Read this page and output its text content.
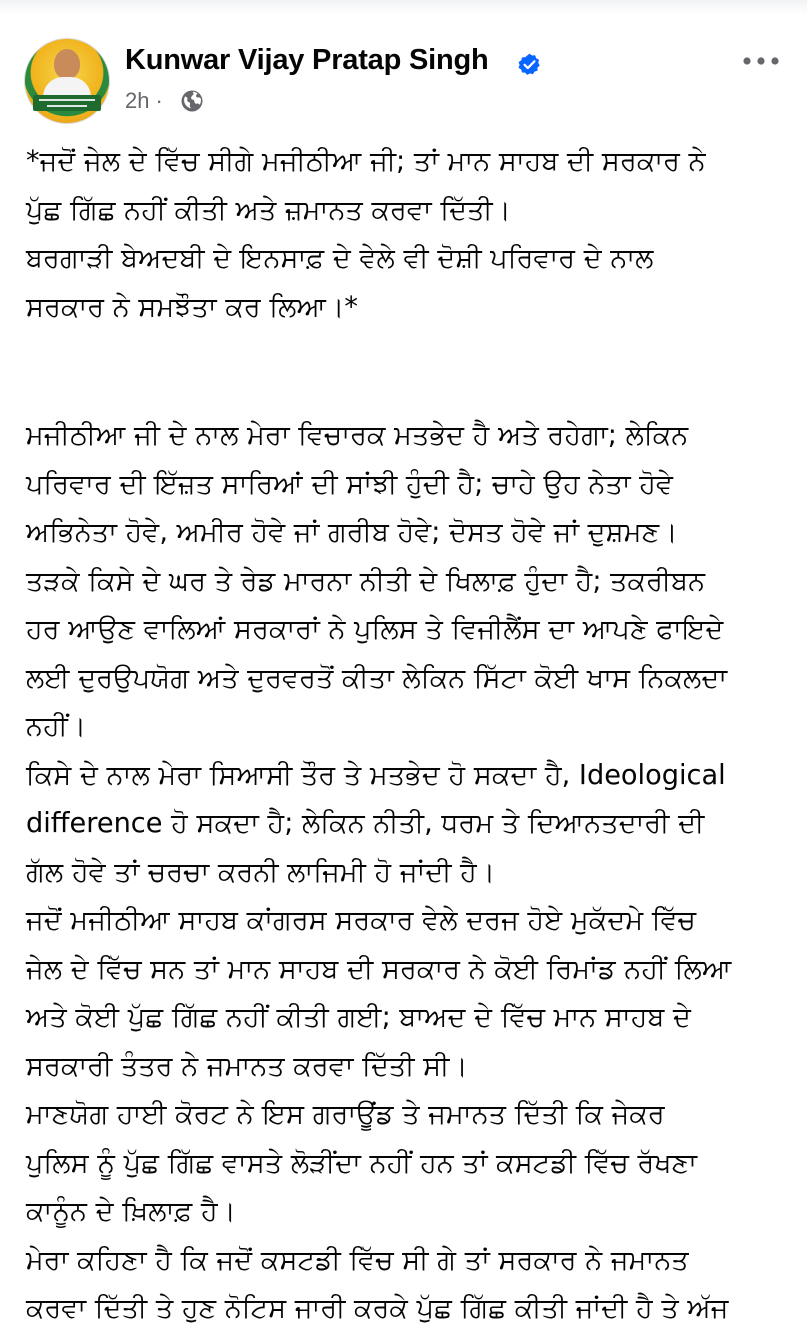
Kunwar Vijay Pratap Singh
2h ·

*ਜਦੋਂ ਜੇਲ ਦੇ ਵਿੱਚ ਸੀਗੇ ਮਜੀਠੀਆ ਜੀ; ਤਾਂ ਮਾਨ ਸਾਹਬ ਦੀ ਸਰਕਾਰ ਨੇ

ਪੁੱਛ ਗਿੱਛ ਨਹੀਂ ਕੀਤੀ ਅਤੇ ਜ਼ਮਾਨਤ ਕਰਵਾ ਦਿੱਤੀ।

ਬਰਗਾੜੀ ਬੇਅਦਬੀ ਦੇ ਇਨਸਾਫ਼ ਦੇ ਵੇਲੇ ਵੀ ਦੋਸ਼ੀ ਪਰਿਵਾਰ ਦੇ ਨਾਲ

ਸਰਕਾਰ ਨੇ ਸਮਝੌਤਾ ਕਰ ਲਿਆ।*

ਮਜੀਠੀਆ ਜੀ ਦੇ ਨਾਲ ਮੇਰਾ ਵਿਚਾਰਕ ਮਤਭੇਦ ਹੈ ਅਤੇ ਰਹੇਗਾ; ਲੇਕਿਨ

ਪਰਿਵਾਰ ਦੀ ਇੱਜ਼ਤ ਸਾਰਿਆਂ ਦੀ ਸਾਂਝੀ ਹੁੰਦੀ ਹੈ; ਚਾਹੇ ਉਹ ਨੇਤਾ ਹੋਵੇ

ਅਭਿਨੇਤਾ ਹੋਵੇ, ਅਮੀਰ ਹੋਵੇ ਜਾਂ ਗਰੀਬ ਹੋਵੇ; ਦੋਸਤ ਹੋਵੇ ਜਾਂ ਦੁਸ਼ਮਣ।

ਤੜਕੇ ਕਿਸੇ ਦੇ ਘਰ ਤੇ ਰੇਡ ਮਾਰਨਾ ਨੀਤੀ ਦੇ ਖਿਲਾਫ਼ ਹੁੰਦਾ ਹੈ; ਤਕਰੀਬਨ

ਹਰ ਆਉਣ ਵਾਲਿਆਂ ਸਰਕਾਰਾਂ ਨੇ ਪੁਲਿਸ ਤੇ ਵਿਜੀਲੈਂਸ ਦਾ ਆਪਣੇ ਫਾਇਦੇ

ਲਈ ਦੁਰਉਪਯੋਗ ਅਤੇ ਦੁਰਵਰਤੋਂ ਕੀਤਾ ਲੇਕਿਨ ਸਿੱਟਾ ਕੋਈ ਖਾਸ ਨਿਕਲਦਾ

ਨਹੀਂ।

ਕਿਸੇ ਦੇ ਨਾਲ ਮੇਰਾ ਸਿਆਸੀ ਤੌਰ ਤੇ ਮਤਭੇਦ ਹੋ ਸਕਦਾ ਹੈ, Ideological

difference ਹੋ ਸਕਦਾ ਹੈ; ਲੇਕਿਨ ਨੀਤੀ, ਧਰਮ ਤੇ ਦਿਆਨਤਦਾਰੀ ਦੀ

ਗੱਲ ਹੋਵੇ ਤਾਂ ਚਰਚਾ ਕਰਨੀ ਲਾਜਿਮੀ ਹੋ ਜਾਂਦੀ ਹੈ।

ਜਦੋਂ ਮਜੀਠੀਆ ਸਾਹਬ ਕਾਂਗਰਸ ਸਰਕਾਰ ਵੇਲੇ ਦਰਜ ਹੋਏ ਮੁਕੱਦਮੇ ਵਿੱਚ

ਜੇਲ ਦੇ ਵਿੱਚ ਸਨ ਤਾਂ ਮਾਨ ਸਾਹਬ ਦੀ ਸਰਕਾਰ ਨੇ ਕੋਈ ਰਿਮਾਂਡ ਨਹੀਂ ਲਿਆ

ਅਤੇ ਕੋਈ ਪੁੱਛ ਗਿੱਛ ਨਹੀਂ ਕੀਤੀ ਗਈ; ਬਾਅਦ ਦੇ ਵਿੱਚ ਮਾਨ ਸਾਹਬ ਦੇ

ਸਰਕਾਰੀ ਤੰਤਰ ਨੇ ਜਮਾਨਤ ਕਰਵਾ ਦਿੱਤੀ ਸੀ।

ਮਾਣਯੋਗ ਹਾਈ ਕੋਰਟ ਨੇ ਇਸ ਗਰਾਊਂਡ ਤੇ ਜਮਾਨਤ ਦਿੱਤੀ ਕਿ ਜੇਕਰ

ਪੁਲਿਸ ਨੂੰ ਪੁੱਛ ਗਿੱਛ ਵਾਸਤੇ ਲੋੜੀਂਦਾ ਨਹੀਂ ਹਨ ਤਾਂ ਕਸਟਡੀ ਵਿੱਚ ਰੱਖਣਾ

ਕਾਨੂੰਨ ਦੇ ਖ਼ਿਲਾਫ਼ ਹੈ।

ਮੇਰਾ ਕਹਿਣਾ ਹੈ ਕਿ ਜਦੋਂ ਕਸਟਡੀ ਵਿੱਚ ਸੀ ਗੇ ਤਾਂ ਸਰਕਾਰ ਨੇ ਜਮਾਨਤ

ਕਰਵਾ ਦਿੱਤੀ ਤੇ ਹੁਣ ਨੋਟਿਸ ਜਾਰੀ ਕਰਕੇ ਪੁੱਛ ਗਿੱਛ ਕੀਤੀ ਜਾਂਦੀ ਹੈ ਤੇ ਅੱਜ
